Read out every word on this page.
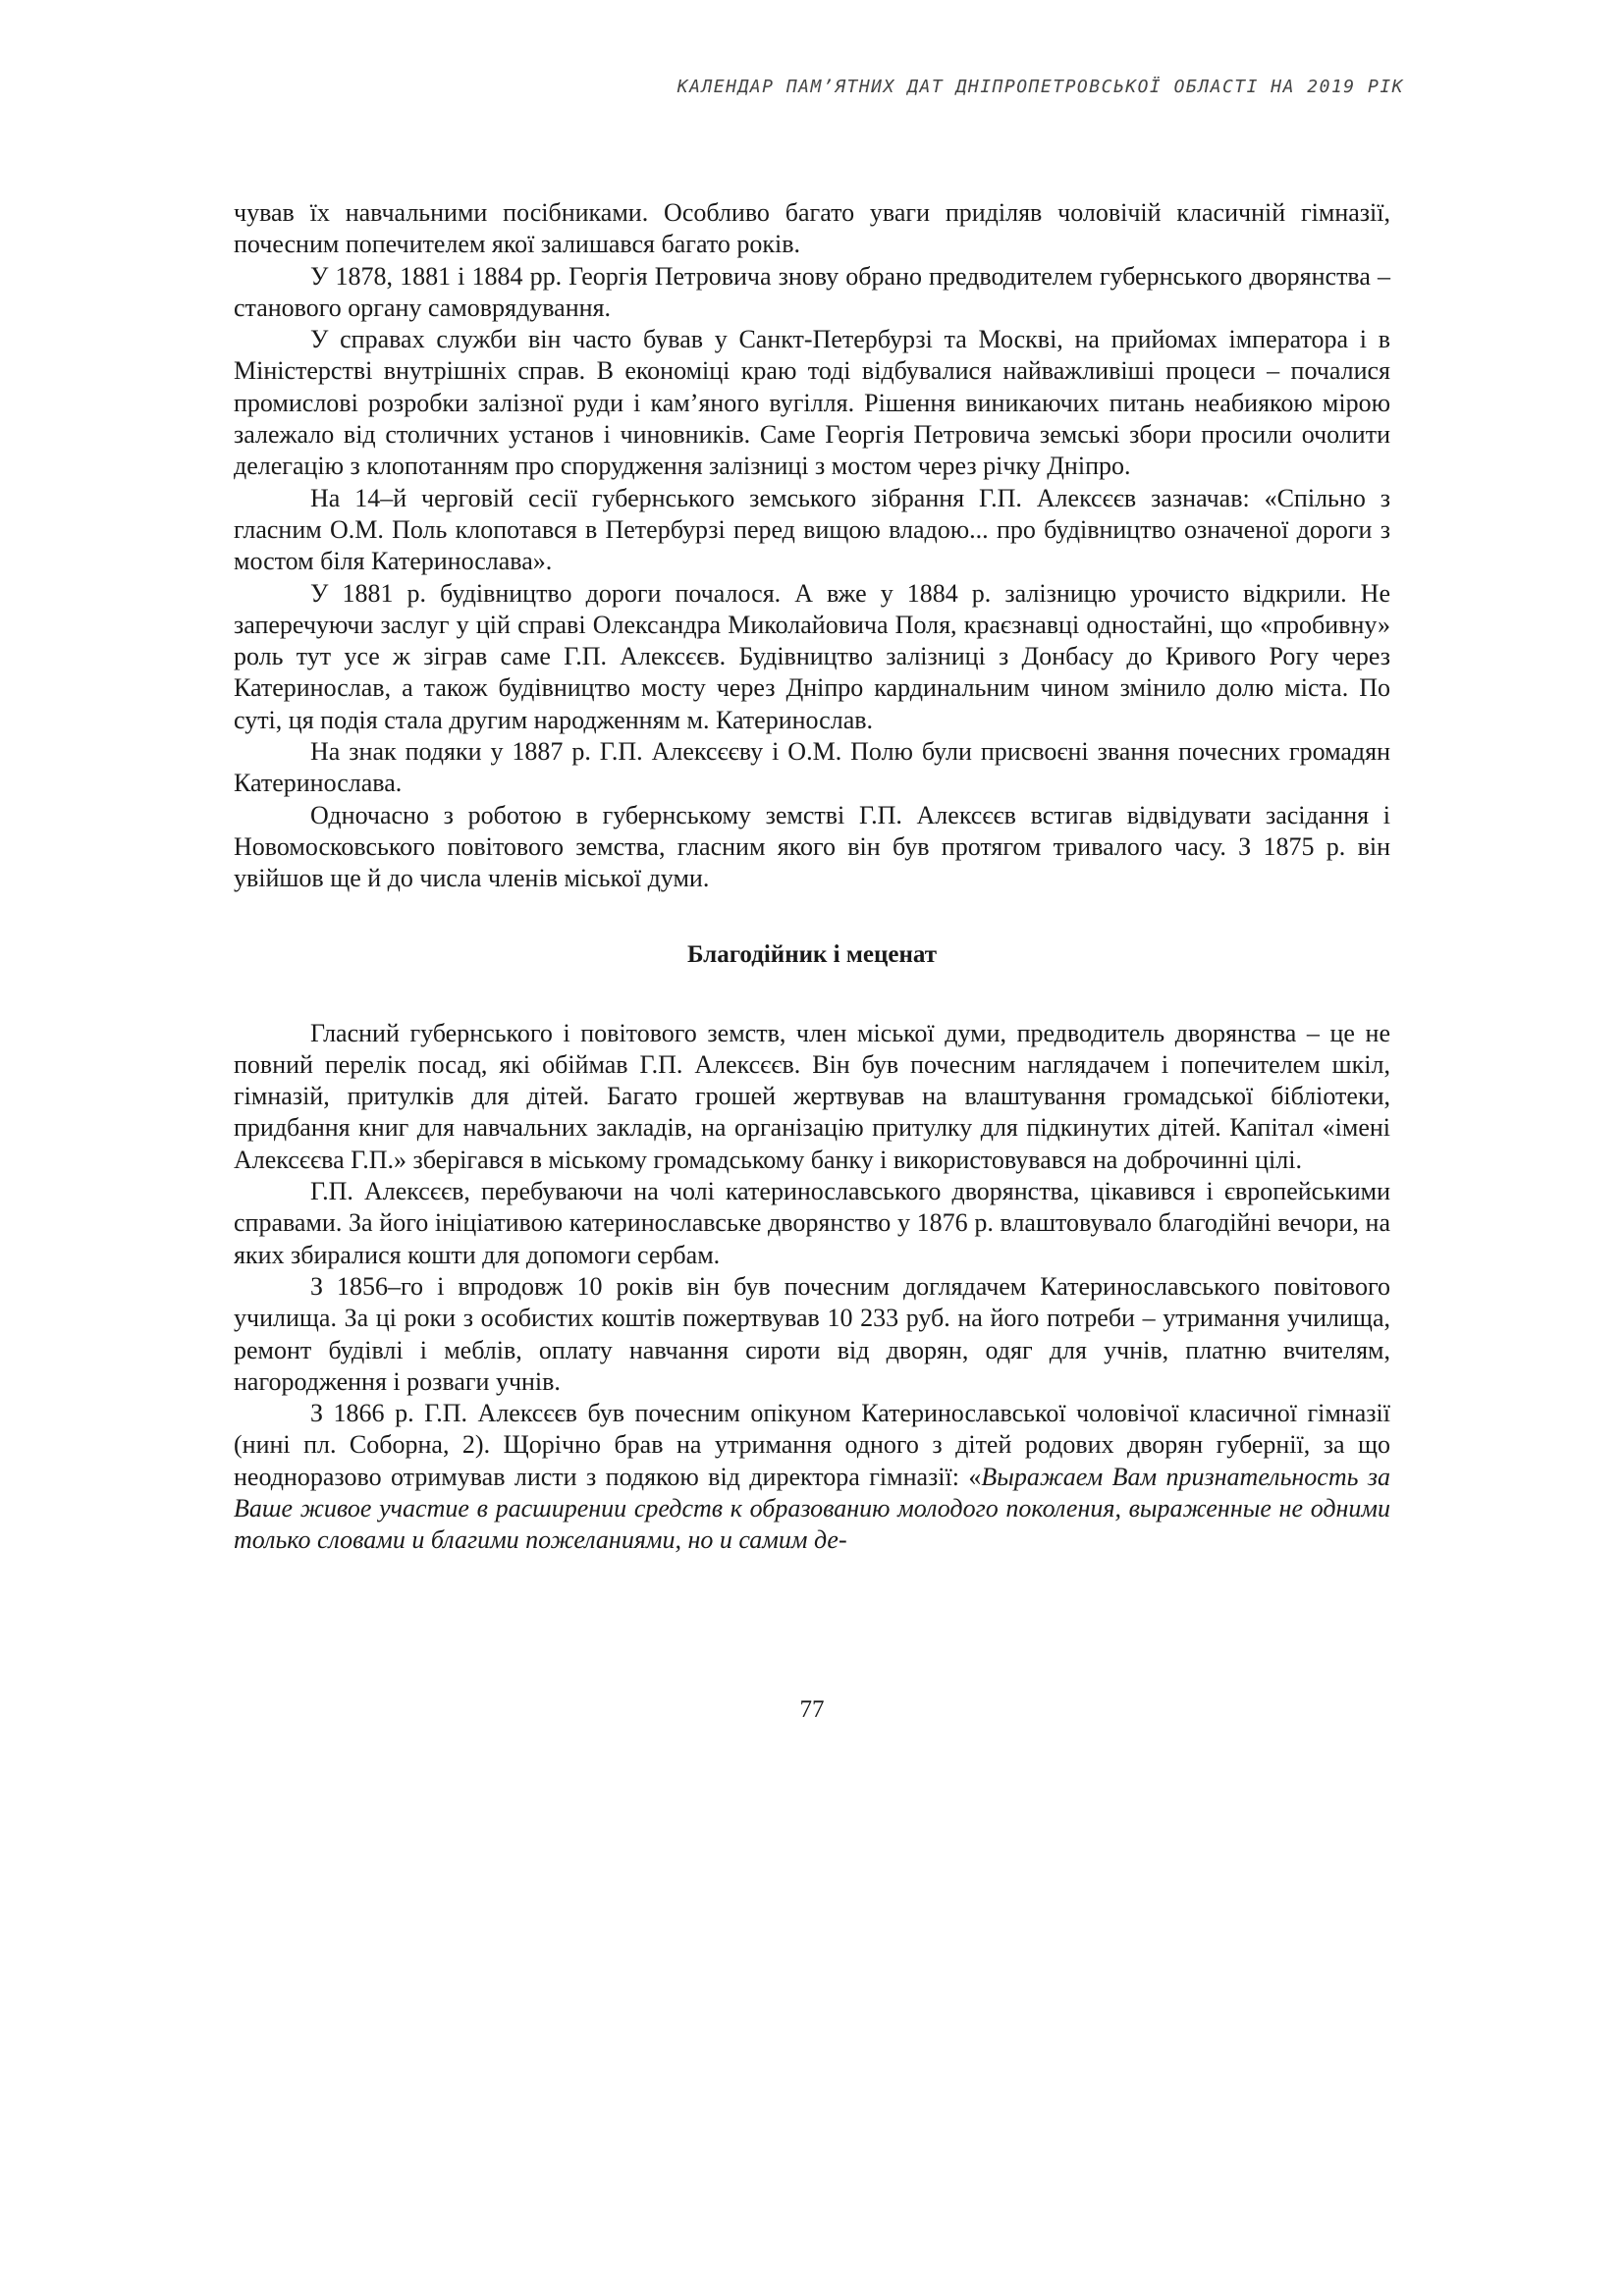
КАЛЕНДАР ПАМ’ЯТНИХ ДАТ ДНІПРОПЕТРОВСЬКОЇ ОБЛАСТІ НА 2019 РІК

чував їх навчальними посібниками. Особливо багато уваги приділяв чоловічій класичній гімназії, почесним попечителем якої залишався багато років.

У 1878, 1881 і 1884 рр. Георгія Петровича знову обрано предводителем губернського дворянства – станового органу самоврядування.

У справах служби він часто бував у Санкт-Петербурзі та Москві, на прийомах імператора і в Міністерстві внутрішніх справ. В економіці краю тоді відбувалися найважливіші процеси – почалися промислові розробки залізної руди і кам’яного вугілля. Рішення виникаючих питань неабиякою мірою залежало від столичних установ і чиновників. Саме Георгія Петровича земські збори просили очолити делегацію з клопотанням про спорудження залізниці з мостом через річку Дніпро.

На 14–й черговій сесії губернського земського зібрання Г.П. Алексєєв зазначав: «Спільно з гласним О.М. Поль клопотався в Петербурзі перед вищою владою... про будівництво означеної дороги з мостом біля Катеринослава».

У 1881 р. будівництво дороги почалося. А вже у 1884 р. залізницю урочисто відкрили. Не заперечуючи заслуг у цій справі Олександра Миколайовича Поля, краєзнавці одностайні, що «пробивну» роль тут усе ж зіграв саме Г.П. Алексєєв. Будівництво залізниці з Донбасу до Кривого Рогу через Катеринослав, а також будівництво мосту через Дніпро кардинальним чином змінило долю міста. По суті, ця подія стала другим народженням м. Катеринослав.

На знак подяки у 1887 р. Г.П. Алексєєву і О.М. Полю були присвоєні звання почесних громадян Катеринослава.

Одночасно з роботою в губернському земстві Г.П. Алексєєв встигав відвідувати засідання і Новомосковського повітового земства, гласним якого він був протягом тривалого часу. З 1875 р. він увійшов ще й до числа членів міської думи.

Благодійник і меценат

Гласний губернського і повітового земств, член міської думи, предводитель дворянства – це не повний перелік посад, які обіймав Г.П. Алексєєв. Він був почесним наглядачем і попечителем шкіл, гімназій, притулків для дітей. Багато грошей жертвував на влаштування громадської бібліотеки, придбання книг для навчальних закладів, на організацію притулку для підкинутих дітей. Капітал «імені Алексєєва Г.П.» зберігався в міському громадському банку і використовувався на доброчинні цілі.

Г.П. Алексєєв, перебуваючи на чолі катеринославського дворянства, цікавився і європейськими справами. За його ініціативою катеринославське дворянство у 1876 р. влаштовувало благодійні вечори, на яких збиралися кошти для допомоги сербам.

З 1856–го і впродовж 10 років він був почесним доглядачем Катеринославського повітового училища. За ці роки з особистих коштів пожертвував 10 233 руб. на його потреби – утримання училища, ремонт будівлі і меблів, оплату навчання сироти від дворян, одяг для учнів, платню вчителям, нагородження і розваги учнів.

З 1866 р. Г.П. Алексєєв був почесним опікуном Катеринославської чоловічої класичної гімназії (нині пл. Соборна, 2). Щорічно брав на утримання одного з дітей родових дворян губернії, за що неодноразово отримував листи з подякою від директора гімназії: «Выражаем Вам признательность за Ваше живое участие в расширении средств к образованию молодого поколения, выраженные не одними только словами и благими пожеланиями, но и самим де-

77
